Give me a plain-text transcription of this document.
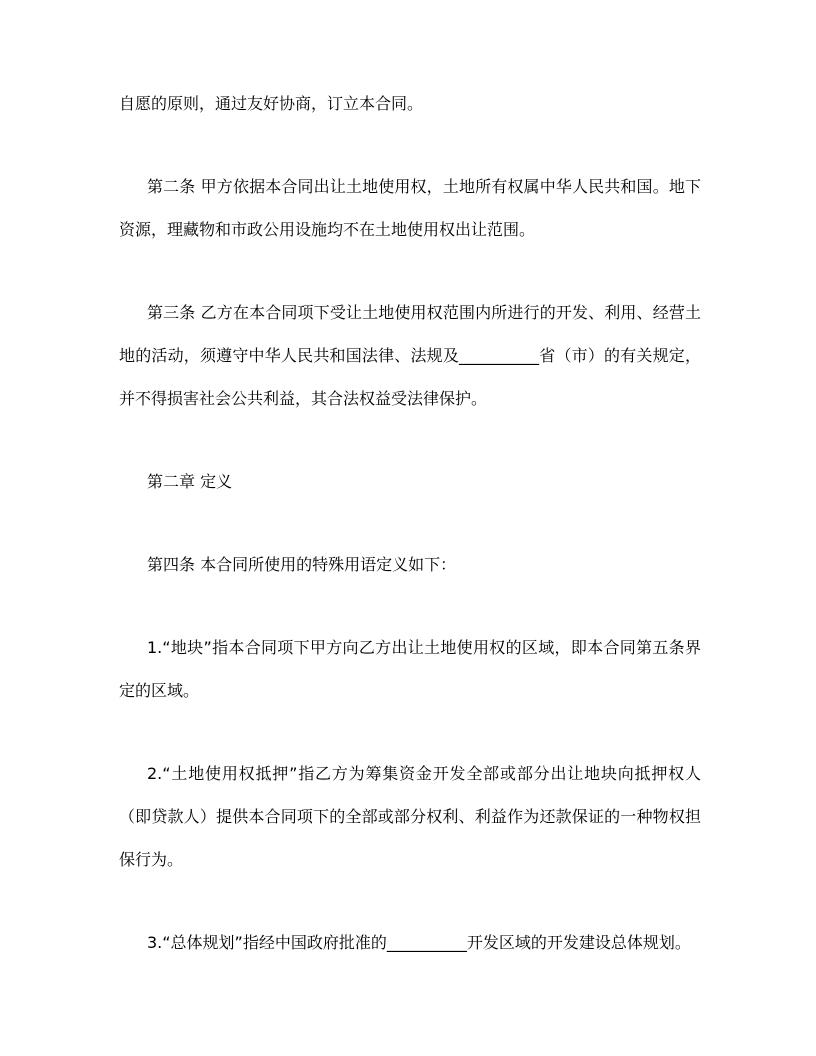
自愿的原则，通过友好协商，订立本合同。

第二条 甲方依据本合同出让土地使用权，土地所有权属中华人民共和国。地下资源，理藏物和市政公用设施均不在土地使用权出让范围。

第三条 乙方在本合同项下受让土地使用权范围内所进行的开发、利用、经营土地的活动，须遵守中华人民共和国法律、法规及__________省（市）的有关规定，并不得损害社会公共利益，其合法权益受法律保护。

第二章 定义

第四条 本合同所使用的特殊用语定义如下：

1.“地块”指本合同项下甲方向乙方出让土地使用权的区域，即本合同第五条界定的区域。

2.“土地使用权抵押”指乙方为筹集资金开发全部或部分出让地块向抵押权人（即贷款人）提供本合同项下的全部或部分权利、利益作为还款保证的一种物权担保行为。

3.“总体规划”指经中国政府批准的__________开发区域的开发建设总体规划。
